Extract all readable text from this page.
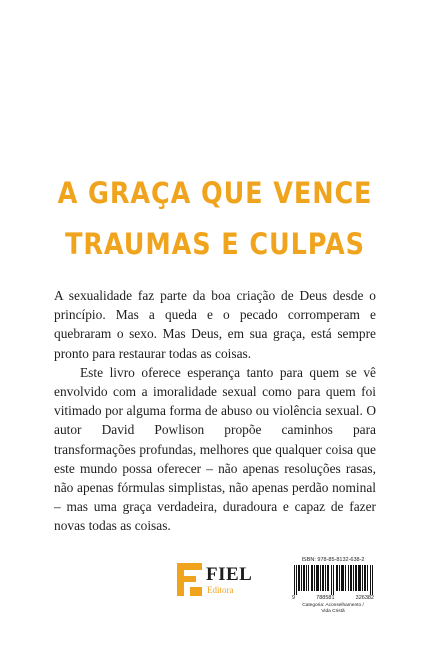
A GRAÇA QUE VENCE
TRAUMAS E CULPAS

A sexualidade faz parte da boa criação de Deus desde o princípio. Mas a queda e o pecado corromperam e quebraram o sexo. Mas Deus, em sua graça, está sempre pronto para restaurar todas as coisas.

Este livro oferece esperança tanto para quem se vê envolvido com a imoralidade sexual como para quem foi vitimado por alguma forma de abuso ou violência sexual. O autor David Powlison propõe caminhos para transformações profundas, melhores que qualquer coisa que este mundo possa oferecer – não apenas resoluções rasas, não apenas fórmulas simplistas, não apenas perdão nominal – mas uma graça verdadeira, duradoura e capaz de fazer novas todas as coisas.

FIEL
Editora
ISBN: 978-85-8132-638-2
9	788581	326382
Categoria: Aconselhamento /
Vida Cristã
